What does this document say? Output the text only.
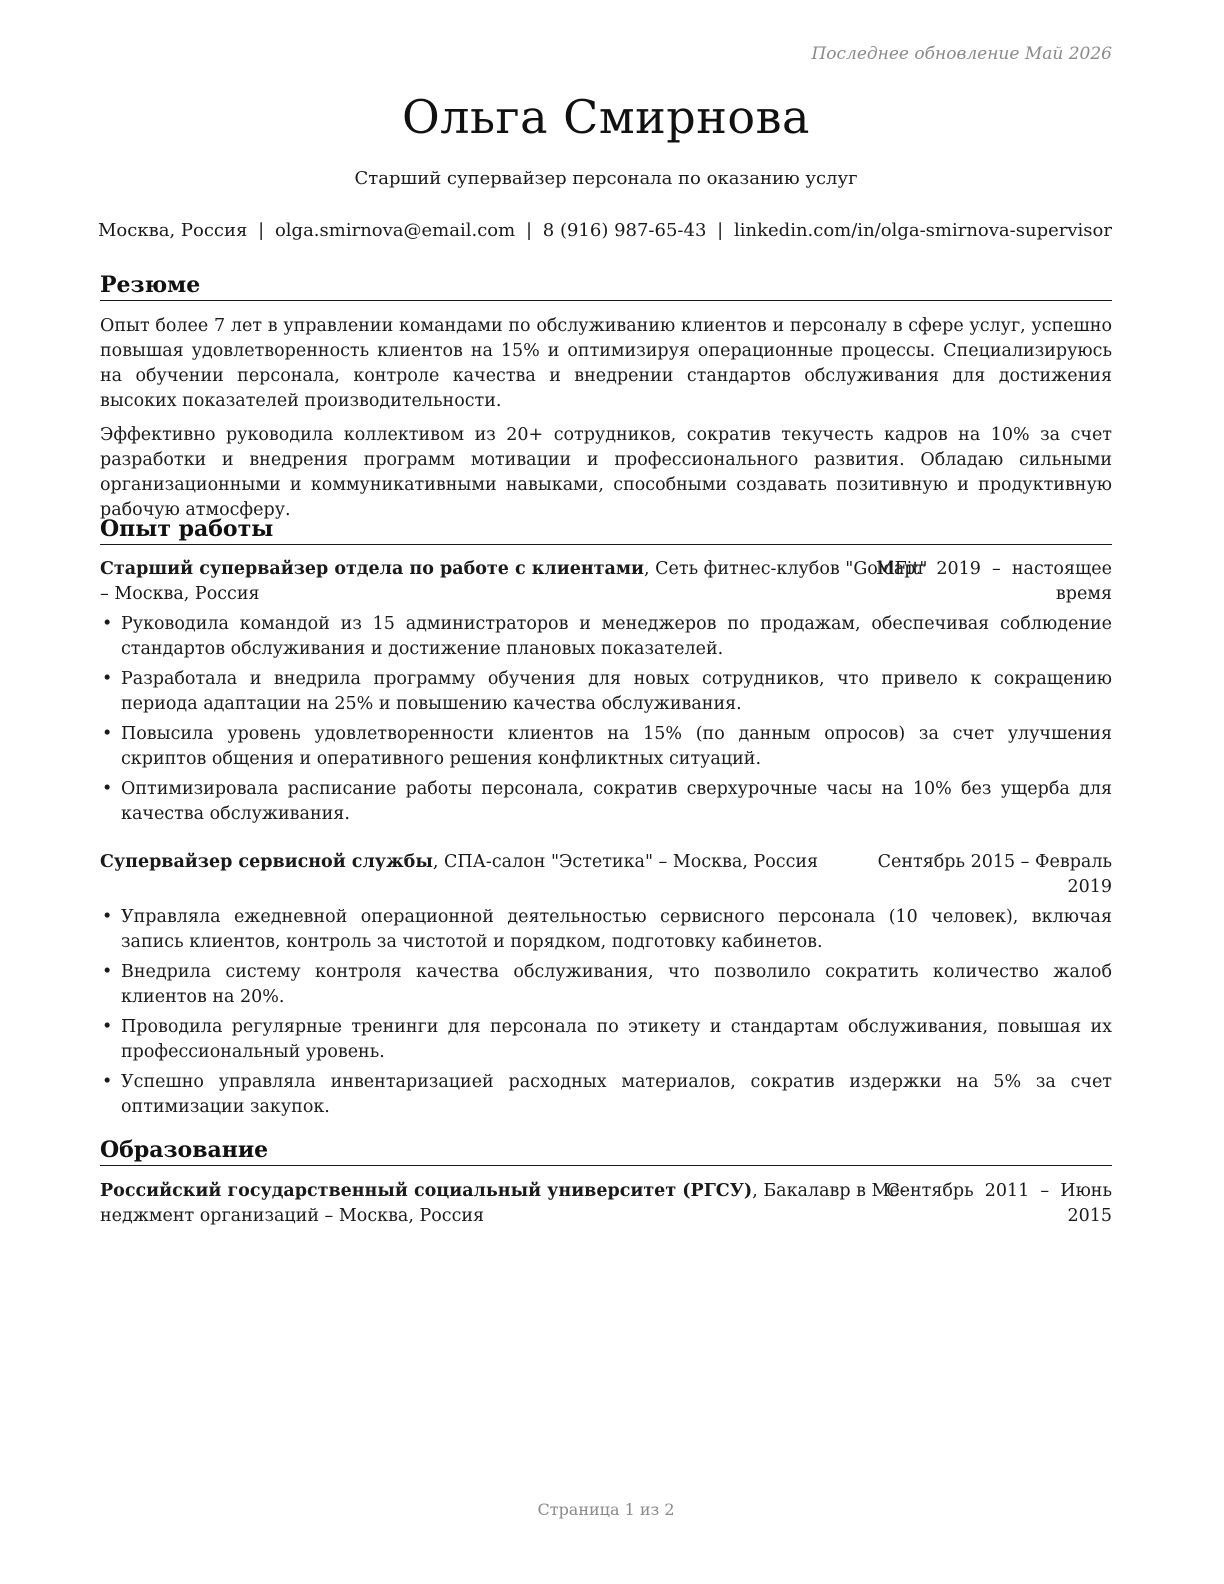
Последнее обновление Май 2026
Ольга Смирнова
Старший супервайзер персонала по оказанию услуг
Москва, Россия | olga.smirnova@email.com | 8 (916) 987-65-43 | linkedin.com/in/olga-smirnova-supervisor
Резюме
Опыт более 7 лет в управлении командами по обслуживанию клиентов и персоналу в сфере услуг, успешно повышая удовлетворенность клиентов на 15% и оптимизируя операционные процессы. Специализируюсь на обучении персонала, контроле качества и внедрении стандартов обслуживания для достижения высоких показателей производительности.
Эффективно руководила коллективом из 20+ сотрудников, сократив текучесть кадров на 10% за счет разработки и внедрения программ мотивации и профессионального развития. Обладаю сильными организационными и коммуникативными навыками, способными создавать позитивную и продуктивную рабочую атмосферу.
Опыт работы
Старший супервайзер отдела по работе с клиентами, Сеть фитнес-клубов "GoldFit"
– Москва, Россия
Март  2019  –  настоящее
время
• Руководила командой из 15 администраторов и менеджеров по продажам, обеспечивая соблюдение стандартов обслуживания и достижение плановых показателей.
• Разработала и внедрила программу обучения для новых сотрудников, что привело к сокращению периода адаптации на 25% и повышению качества обслуживания.
• Повысила уровень удовлетворенности клиентов на 15% (по данным опросов) за счет улучшения скриптов общения и оперативного решения конфликтных ситуаций.
• Оптимизировала расписание работы персонала, сократив сверхурочные часы на 10% без ущерба для качества обслуживания.
Супервайзер сервисной службы, СПА-салон "Эстетика" – Москва, Россия	Сентябрь 2015 – Февраль
2019
• Управляла ежедневной операционной деятельностью сервисного персонала (10 человек), включая запись клиентов, контроль за чистотой и порядком, подготовку кабинетов.
• Внедрила систему контроля качества обслуживания, что позволило сократить количество жалоб клиентов на 20%.
• Проводила регулярные тренинги для персонала по этикету и стандартам обслуживания, повышая их профессиональный уровень.
• Успешно управляла инвентаризацией расходных материалов, сократив издержки на 5% за счет оптимизации закупок.
Образование
Российский государственный социальный университет (РГСУ), Бакалавр в Ме-
неджмент организаций – Москва, Россия
Сентябрь  2011  –  Июнь
2015
Страница 1 из 2
